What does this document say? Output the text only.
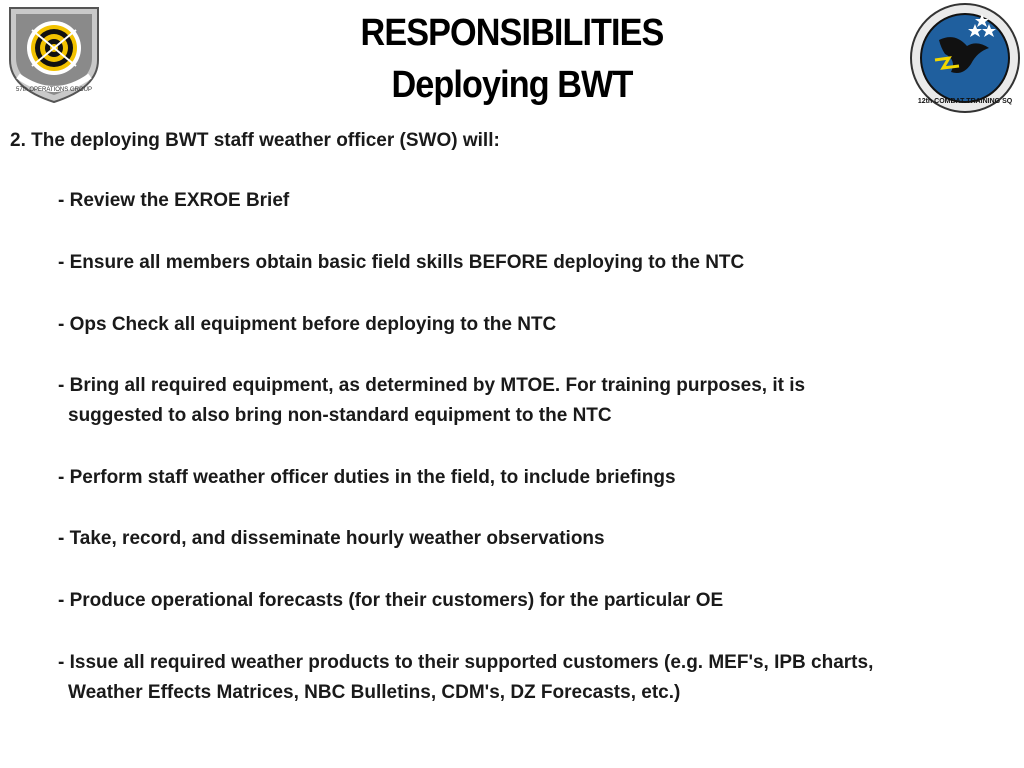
57th OPERATIONS GROUP
12th COMBAT TRAINING SQ
RESPONSIBILITIES
Deploying BWT
2. The deploying BWT staff weather officer (SWO) will:
- Review the EXROE Brief
- Ensure all members obtain basic field skills BEFORE deploying to the NTC
- Ops Check all equipment before deploying to the NTC
- Bring all required equipment, as determined by MTOE. For training purposes, it is
suggested to also bring non-standard equipment to the NTC
- Perform staff weather officer duties in the field, to include briefings
- Take, record, and disseminate hourly weather observations
- Produce operational forecasts (for their customers) for the particular OE
- Issue all required weather products to their supported customers (e.g. MEF's, IPB charts,
Weather Effects Matrices, NBC Bulletins, CDM's, DZ Forecasts, etc.)
